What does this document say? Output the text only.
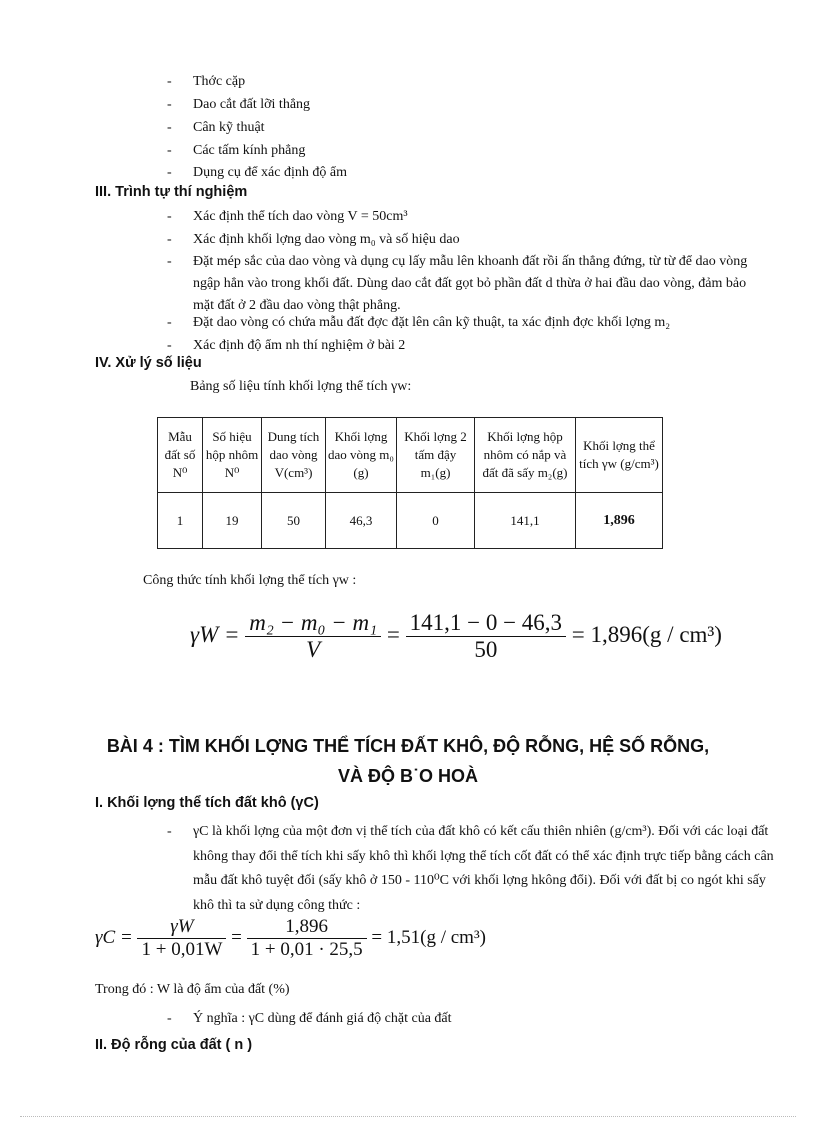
- Thớc cặp
- Dao cắt đất lỡi thẳng
- Cân kỹ thuật
- Các tấm kính phẳng
- Dụng cụ để xác định độ ẩm
III. Trình tự thí nghiệm
- Xác định thể tích dao vòng V = 50cm³
- Xác định khối lợng dao vòng m₀ và số hiệu dao
- Đặt mép sắc của dao vòng và dụng cụ lấy mẫu lên khoanh đất rồi ấn thẳng đứng, từ từ để dao vòng ngập hẳn vào trong khối đất. Dùng dao cắt đất gọt bỏ phần đất d thừa ở hai đầu dao vòng, đảm bảo mặt đất ở 2 đầu dao vòng thật phẳng.
- Đặt dao vòng có chứa mẫu đất đợc đặt lên cân kỹ thuật, ta xác định đợc khối lợng m₂
- Xác định độ ẩm nh thí nghiệm ở bài 2
IV. Xử lý số liệu
Bảng số liệu tính khối lợng thể tích γw:
Mẫu đất số N⁰	Số hiệu hộp nhôm N⁰	Dung tích dao vòng V(cm³)	Khối lợng dao vòng m₀ (g)	Khối lợng 2 tấm đậy m₁(g)	Khối lợng hộp nhôm có nắp và đất đã sấy m₂(g)	Khối lợng thể tích γw (g/cm³)
1	19	50	46,3	0	141,1	1,896
Công thức tính khối lợng thể tích γw :
$\gamma W = \frac{\text{m₂ − m₀ − m₁}}{V} = \frac{141,1 - 0 - 46,3}{50} = 1,896(g / cm^3)$
BÀI 4 : TÌM KHỐI LỢNG THỂ TÍCH ĐẤT KHÔ, ĐỘ RỖNG, HỆ SỐ RỖNG,
VÀ ĐỘ B˙O HOÀ
I. Khối lợng thể tích đất khô (γC)
- γC là khối lợng của một đơn vị thể tích của đất khô có kết cấu thiên nhiên (g/cm³). Đối với các loại đất không thay đổi thể tích khi sấy khô thì khối lợng thể tích cốt đất có thể xác định trực tiếp bằng cách cân mẫu đất khô tuyệt đối (sấy khô ở 150 - 110⁰C với khối lợng hkông đổi). Đối với đất bị co ngót khi sấy khô thì ta sử dụng công thức :
$\gamma C = \frac{\gamma W}{1 + 0,01W} = \frac{1,896}{1 + 0,01 \cdot 25,5} = 1,51(g / cm^3)$
Trong đó : W là độ ẩm của đất (%)
- Ý nghĩa : γC dùng để đánh giá độ chặt của đất
II. Độ rỗng của đất ( n )
